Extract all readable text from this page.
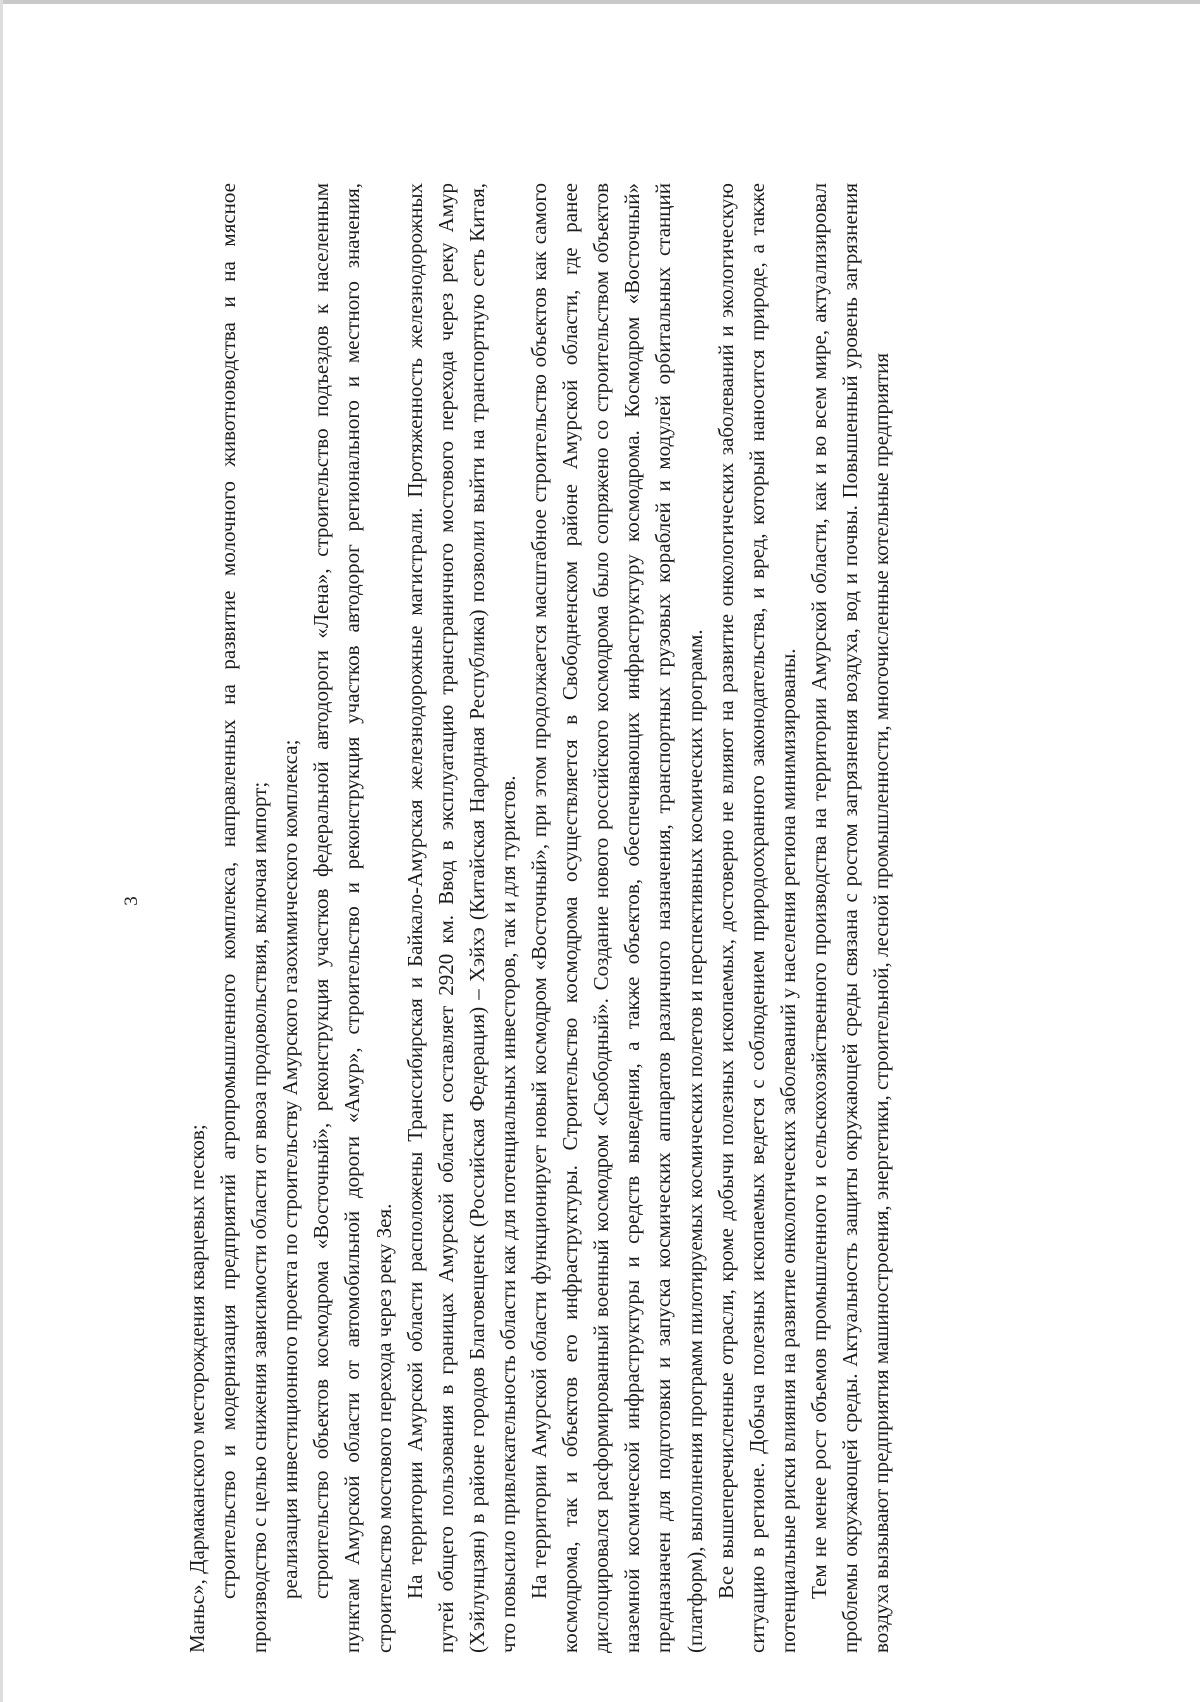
3

Маньс», Дармаканского месторождения кварцевых песков; строительство и модернизация предприятий агропромышленного комплекса, направленных на развитие молочного животноводства и на мясное производство с целью снижения зависимости области от ввоза продовольствия, включая импорт; реализация инвестиционного проекта по строительству Амурского газохимического комплекса; строительство объектов космодрома «Восточный», реконструкция участков федеральной автодороги «Лена», строительство подъездов к населенным пунктам Амурской области от автомобильной дороги «Амур», строительство и реконструкция участков автодорог регионального и местного значения, строительство мостового перехода через реку Зея. На территории Амурской области расположены Транссибирская и Байкало-Амурская железнодорожные магистрали. Протяженность железнодорожных путей общего пользования в границах Амурской области составляет 2920 км. Ввод в эксплуатацию трансграничного мостового перехода через реку Амур (Хэйлунцзян) в районе городов Благовещенск (Российская Федерация) – Хэйхэ (Китайская Народная Республика) позволил выйти на транспортную сеть Китая, что повысило привлекательность области как для потенциальных инвесторов, так и для туристов. На территории Амурской области функционирует новый космодром «Восточный», при этом продолжается масштабное строительство объектов как самого космодрома, так и объектов его инфраструктуры. Строительство космодрома осуществляется в Свободненском районе Амурской области, где ранее дислоцировался расформированный военный космодром «Свободный». Создание нового российского космодрома было сопряжено со строительством объектов наземной космической инфраструктуры и средств выведения, а также объектов, обеспечивающих инфраструктуру космодрома. Космодром «Восточный» предназначен для подготовки и запуска космических аппаратов различного назначения, транспортных грузовых кораблей и модулей орбитальных станций (платформ), выполнения программ пилотируемых космических полетов и перспективных космических программ. Все вышеперечисленные отрасли, кроме добычи полезных ископаемых, достоверно не влияют на развитие онкологических заболеваний и экологическую ситуацию в регионе. Добыча полезных ископаемых ведется с соблюдением природоохранного законодательства, и вред, который наносится природе, а также потенциальные риски влияния на развитие онкологических заболеваний у населения региона минимизированы. Тем не менее рост объемов промышленного и сельскохозяйственного производства на территории Амурской области, как и во всем мире, актуализировал проблемы окружающей среды. Актуальность защиты окружающей среды связана с ростом загрязнения воздуха, вод и почвы. Повышенный уровень загрязнения воздуха вызывают предприятия машиностроения, энергетики, строительной, лесной промышленности, многочисленные котельные предприятия
